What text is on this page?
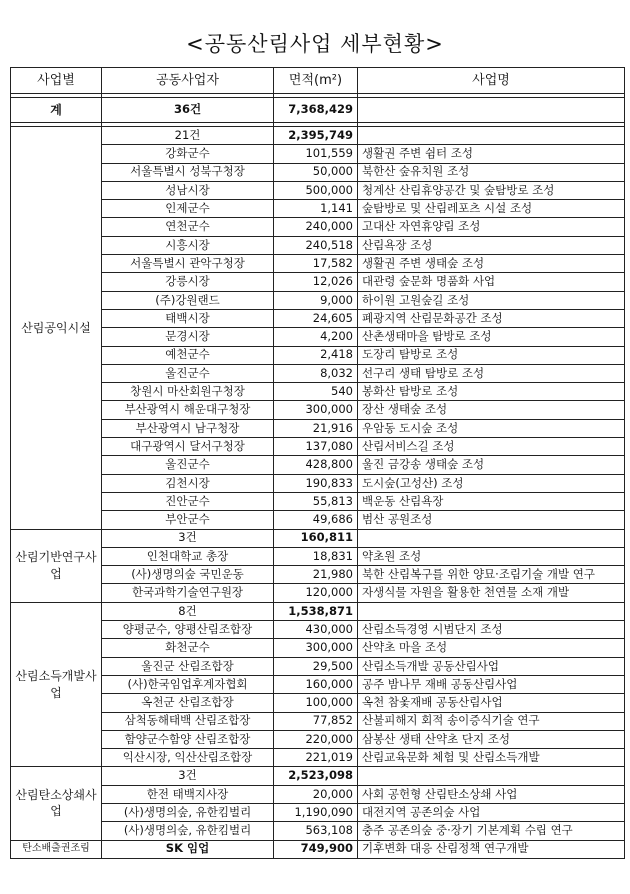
<공동산림사업 세부현황>
사업별	공동사업자	면적(m²)	사업명

계	36건	7,368,429	

산림공익시설	21건	2,395,749	
	강화군수	101,559	생활권 주변 쉼터 조성
	서울특별시 성북구청장	50,000	북한산 숲유치원 조성
	성남시장	500,000	청계산 산림휴양공간 및 숲탐방로 조성
	인제군수	1,141	숲탐방로 및 산림레포츠 시설 조성
	연천군수	240,000	고대산 자연휴양림 조성
	시흥시장	240,518	산림욕장 조성
	서울특별시 관악구청장	17,582	생활권 주변 생태숲 조성
	강릉시장	12,026	대관령 숲문화 명품화 사업
	(주)강원랜드	9,000	하이원 고원숲길 조성
	태백시장	24,605	폐광지역 산림문화공간 조성
	문경시장	4,200	산촌생태마을 탐방로 조성
	예천군수	2,418	도장리 탐방로 조성
	울진군수	8,032	선구리 생태 탐방로 조성
	창원시 마산회원구청장	540	봉화산 탐방로 조성
	부산광역시 해운대구청장	300,000	장산 생태숲 조성
	부산광역시 남구청장	21,916	우암동 도시숲 조성
	대구광역시 달서구청장	137,080	산림서비스길 조성
	울진군수	428,800	울진 금강송 생태숲 조성
	김천시장	190,833	도시숲(고성산) 조성
	진안군수	55,813	백운동 산림욕장
	부안군수	49,686	범산 공원조성
산림기반연구사업	3건	160,811	
	인천대학교 총장	18,831	약초원 조성
	(사)생명의숲 국민운동	21,980	북한 산림복구를 위한 양묘·조림기술 개발 연구
	한국과학기술연구원장	120,000	자생식물 자원을 활용한 천연물 소재 개발
산림소득개발사업	8건	1,538,871	
	양평군수, 양평산림조합장	430,000	산림소득경영 시범단지 조성
	화천군수	300,000	산약초 마을 조성
	울진군 산림조합장	29,500	산림소득개발 공동산림사업
	(사)한국임업후계자협회	160,000	공주 밤나무 재배 공동산림사업
	옥천군 산림조합장	100,000	옥천 참옻재배 공동산림사업
	삼척동해태백 산림조합장	77,852	산불피해지 회적 송이증식기술 연구
	함양군수함양 산림조합장	220,000	삼봉산 생태 산약초 단지 조성
	익산시장, 익산산림조합장	221,019	산림교육문화 체험 및 산림소득개발
산림탄소상쇄사업	3건	2,523,098	
	한전 태백지사장	20,000	사회 공헌형 산림탄소상쇄 사업
	(사)생명의숲, 유한킴벌리	1,190,090	대전지역 공존의숲 사업
	(사)생명의숲, 유한킴벌리	563,108	충주 공존의숲 중·장기 기본계획 수립 연구
탄소배출권조림	SK 임업	749,900	기후변화 대응 산림정책 연구개발
